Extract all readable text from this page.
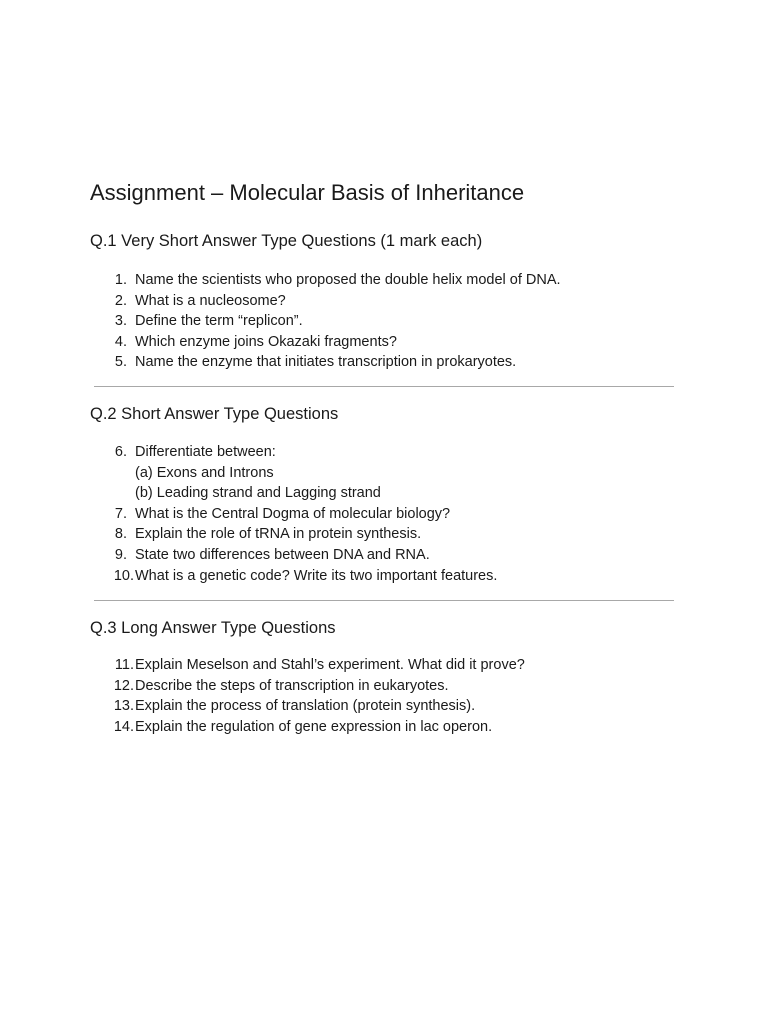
Assignment – Molecular Basis of Inheritance
Q.1 Very Short Answer Type Questions (1 mark each)
1. Name the scientists who proposed the double helix model of DNA.
2. What is a nucleosome?
3. Define the term “replicon”.
4. Which enzyme joins Okazaki fragments?
5. Name the enzyme that initiates transcription in prokaryotes.
Q.2 Short Answer Type Questions
6. Differentiate between:
(a) Exons and Introns
(b) Leading strand and Lagging strand
7. What is the Central Dogma of molecular biology?
8. Explain the role of tRNA in protein synthesis.
9. State two differences between DNA and RNA.
10. What is a genetic code? Write its two important features.
Q.3 Long Answer Type Questions
11. Explain Meselson and Stahl’s experiment. What did it prove?
12. Describe the steps of transcription in eukaryotes.
13. Explain the process of translation (protein synthesis).
14. Explain the regulation of gene expression in lac operon.
